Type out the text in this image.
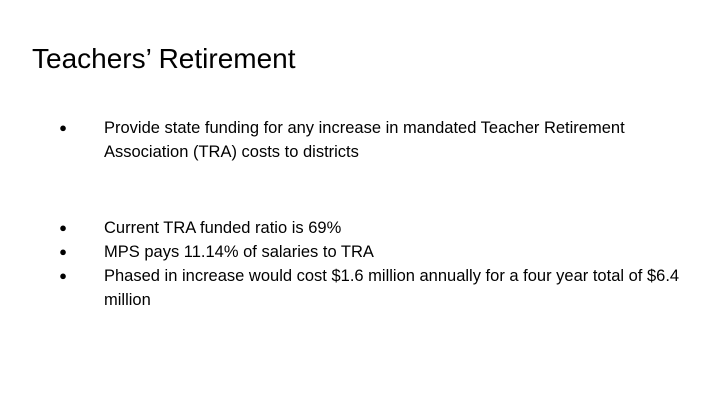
Teachers’ Retirement
● Provide state funding for any increase in mandated Teacher Retirement Association (TRA) costs to districts
● Current TRA funded ratio is 69%
● MPS pays 11.14% of salaries to TRA
● Phased in increase would cost $1.6 million annually for a four year total of $6.4 million
